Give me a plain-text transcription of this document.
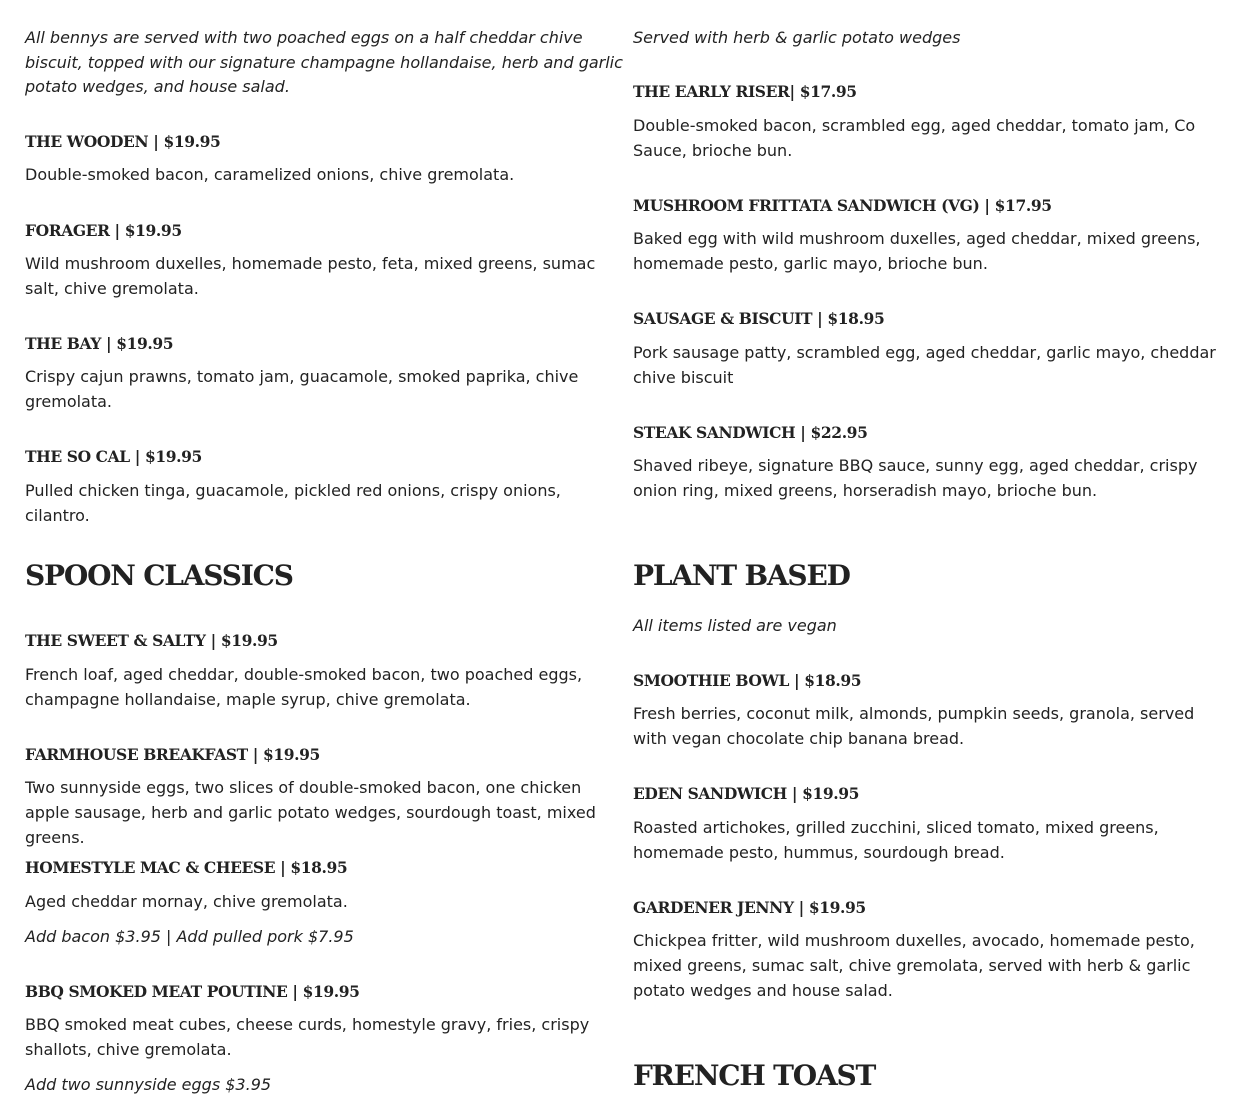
All bennys are served with two poached eggs on a half cheddar chive biscuit, topped with our signature champagne hollandaise, herb and garlic potato wedges, and house salad.

THE WOODEN | $19.95

Double-smoked bacon, caramelized onions, chive gremolata.

FORAGER | $19.95

Wild mushroom duxelles, homemade pesto, feta, mixed greens, sumac salt, chive gremolata.

THE BAY | $19.95

Crispy cajun prawns, tomato jam, guacamole, smoked paprika, chive gremolata.

THE SO CAL | $19.95

Pulled chicken tinga, guacamole, pickled red onions, crispy onions, cilantro.

SPOON CLASSICS
THE SWEET & SALTY | $19.95

French loaf, aged cheddar, double-smoked bacon, two poached eggs, champagne hollandaise, maple syrup, chive gremolata.

FARMHOUSE BREAKFAST | $19.95

Two sunnyside eggs, two slices of double-smoked bacon, one chicken apple sausage, herb and garlic potato wedges, sourdough toast, mixed greens.

HOMESTYLE MAC & CHEESE | $18.95

Aged cheddar mornay, chive gremolata.

Add bacon $3.95 | Add pulled pork $7.95

BBQ SMOKED MEAT POUTINE | $19.95

BBQ smoked meat cubes, cheese curds, homestyle gravy, fries, crispy shallots, chive gremolata.

Add two sunnyside eggs $3.95

Served with herb & garlic potato wedges

THE EARLY RISER| $17.95

Double-smoked bacon, scrambled egg, aged cheddar, tomato jam, Co Sauce, brioche bun.

MUSHROOM FRITTATA SANDWICH (VG) | $17.95

Baked egg with wild mushroom duxelles, aged cheddar, mixed greens, homemade pesto, garlic mayo, brioche bun.

SAUSAGE & BISCUIT | $18.95

Pork sausage patty, scrambled egg, aged cheddar, garlic mayo, cheddar chive biscuit

STEAK SANDWICH | $22.95

Shaved ribeye, signature BBQ sauce, sunny egg, aged cheddar, crispy onion ring, mixed greens, horseradish mayo, brioche bun.

PLANT BASED

All items listed are vegan

SMOOTHIE BOWL | $18.95

Fresh berries, coconut milk, almonds, pumpkin seeds, granola, served with vegan chocolate chip banana bread.

EDEN SANDWICH | $19.95

Roasted artichokes, grilled zucchini, sliced tomato, mixed greens, homemade pesto, hummus, sourdough bread.

GARDENER JENNY | $19.95

Chickpea fritter, wild mushroom duxelles, avocado, homemade pesto, mixed greens, sumac salt, chive gremolata, served with herb & garlic potato wedges and house salad.

FRENCH TOAST
